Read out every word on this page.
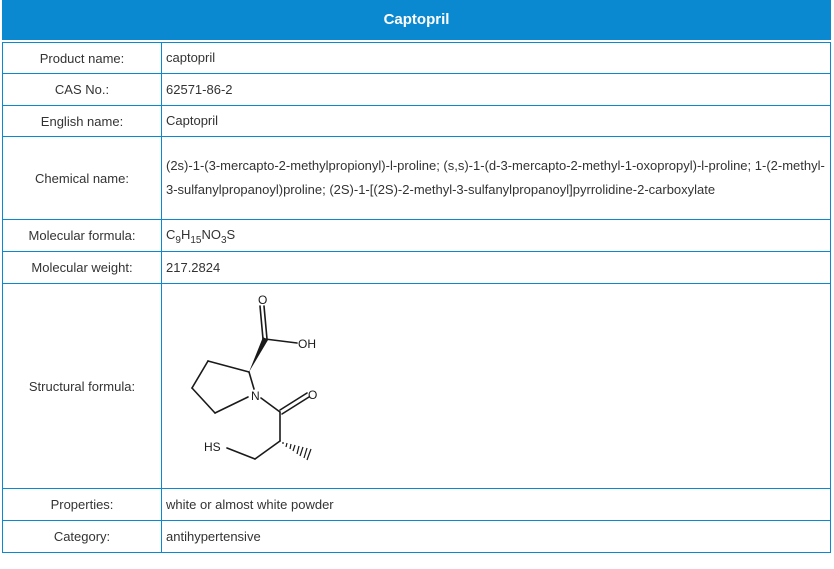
Captopril
Product name:	captopril
CAS No.:	62571-86-2
English name:	Captopril
Chemical name:	(2s)-1-(3-mercapto-2-methylpropionyl)-l-proline; (s,s)-1-(d-3-mercapto-2-methyl-1-oxopropyl)-l-proline; 1-(2-methyl-3-sulfanylpropanoyl)proline; (2S)-1-[(2S)-2-methyl-3-sulfanylpropanoyl]pyrrolidine-2-carboxylate
Molecular formula:	$C_9H_{15}NO_3S$
Molecular weight:	217.2824
Structural formula:	O
OH
N O
HS

Properties:	white or almost white powder
Category:	antihypertensive
